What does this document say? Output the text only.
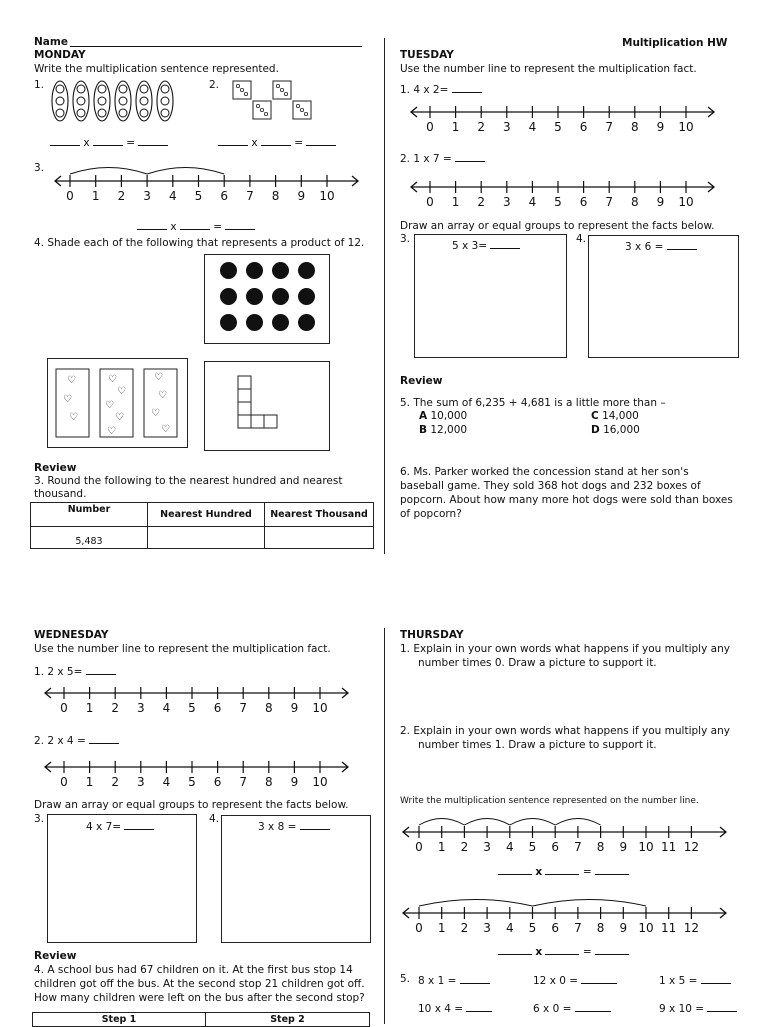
Name	Multiplication HW
MONDAY
Write the multiplication sentence represented.
1.	2.
x	=	x	=
3.
0 1 2 3 4 5 6 7 8 9 10
x	=
4. Shade each of the following that represents a product of 12.
♡
♡
♡
♡
♡
♡
♡
♡
♡
♡
♡
♡
Review
3. Round the following to the nearest hundred and nearest
thousand.
Number	Nearest Hundred	Nearest Thousand
5,483		
TUESDAY
Use the number line to represent the multiplication fact.
1. 4 x 2=
0 1 2 3 4 5 6 7 8 9 10
2. 1 x 7 =
0 1 2 3 4 5 6 7 8 9 10
Draw an array or equal groups to represent the facts below.
3.
5 x 3=
4.
3 x 6 =
Review
5. The sum of 6,235 + 4,681 is a little more than –
A 10,000	C 14,000
B 12,000	D 16,000
6. Ms. Parker worked the concession stand at her son's
baseball game. They sold 368 hot dogs and 232 boxes of
popcorn. About how many more hot dogs were sold than boxes
of popcorn?
WEDNESDAY
Use the number line to represent the multiplication fact.
1. 2 x 5=
0 1 2 3 4 5 6 7 8 9 10
2. 2 x 4 =
0 1 2 3 4 5 6 7 8 9 10
Draw an array or equal groups to represent the facts below.
3.
4 x 7=
4.
3 x 8 =
Review
4. A school bus had 67 children on it. At the first bus stop 14
children got off the bus. At the second stop 21 children got off.
How many children were left on the bus after the second stop?
Step 1	Step 2
THURSDAY
1. Explain in your own words what happens if you multiply any
number times 0. Draw a picture to support it.
2. Explain in your own words what happens if you multiply any
number times 1. Draw a picture to support it.
Write the multiplication sentence represented on the number line.
0 1 2 3 4 5 6 7 8 9 10 11 12
x	=
0 1 2 3 4 5 6 7 8 9 10 11 12
x	=
5. 8 x 1 =	12 x 0 =	1 x 5 =
10 x 4 =	6 x 0 =	9 x 10 =
